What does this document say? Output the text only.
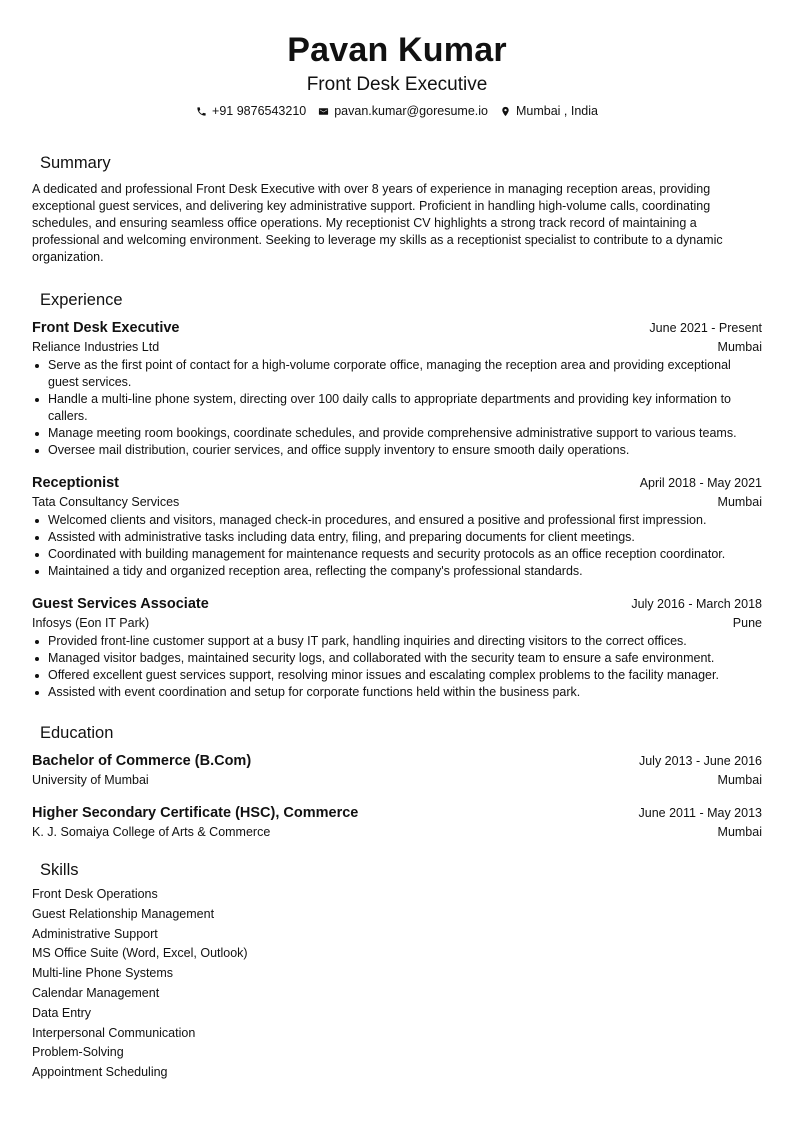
Pavan Kumar
Front Desk Executive
+91 9876543210 pavan.kumar@goresume.io Mumbai , India
Summary
A dedicated and professional Front Desk Executive with over 8 years of experience in managing reception areas, providing exceptional guest services, and delivering key administrative support. Proficient in handling high-volume calls, coordinating schedules, and ensuring seamless office operations. My receptionist CV highlights a strong track record of maintaining a professional and welcoming environment. Seeking to leverage my skills as a receptionist specialist to contribute to a dynamic organization.
Experience
Front Desk Executive	June 2021 - Present
Reliance Industries Ltd	Mumbai
Serve as the first point of contact for a high-volume corporate office, managing the reception area and providing exceptional guest services.
Handle a multi-line phone system, directing over 100 daily calls to appropriate departments and providing key information to callers.
Manage meeting room bookings, coordinate schedules, and provide comprehensive administrative support to various teams.
Oversee mail distribution, courier services, and office supply inventory to ensure smooth daily operations.
Receptionist	April 2018 - May 2021
Tata Consultancy Services	Mumbai
Welcomed clients and visitors, managed check-in procedures, and ensured a positive and professional first impression.
Assisted with administrative tasks including data entry, filing, and preparing documents for client meetings.
Coordinated with building management for maintenance requests and security protocols as an office reception coordinator.
Maintained a tidy and organized reception area, reflecting the company's professional standards.
Guest Services Associate	July 2016 - March 2018
Infosys (Eon IT Park)	Pune
Provided front-line customer support at a busy IT park, handling inquiries and directing visitors to the correct offices.
Managed visitor badges, maintained security logs, and collaborated with the security team to ensure a safe environment.
Offered excellent guest services support, resolving minor issues and escalating complex problems to the facility manager.
Assisted with event coordination and setup for corporate functions held within the business park.
Education
Bachelor of Commerce (B.Com)	July 2013 - June 2016
University of Mumbai	Mumbai
Higher Secondary Certificate (HSC), Commerce	June 2011 - May 2013
K. J. Somaiya College of Arts & Commerce	Mumbai
Skills
Front Desk Operations
Guest Relationship Management
Administrative Support
MS Office Suite (Word, Excel, Outlook)
Multi-line Phone Systems
Calendar Management
Data Entry
Interpersonal Communication
Problem-Solving
Appointment Scheduling
